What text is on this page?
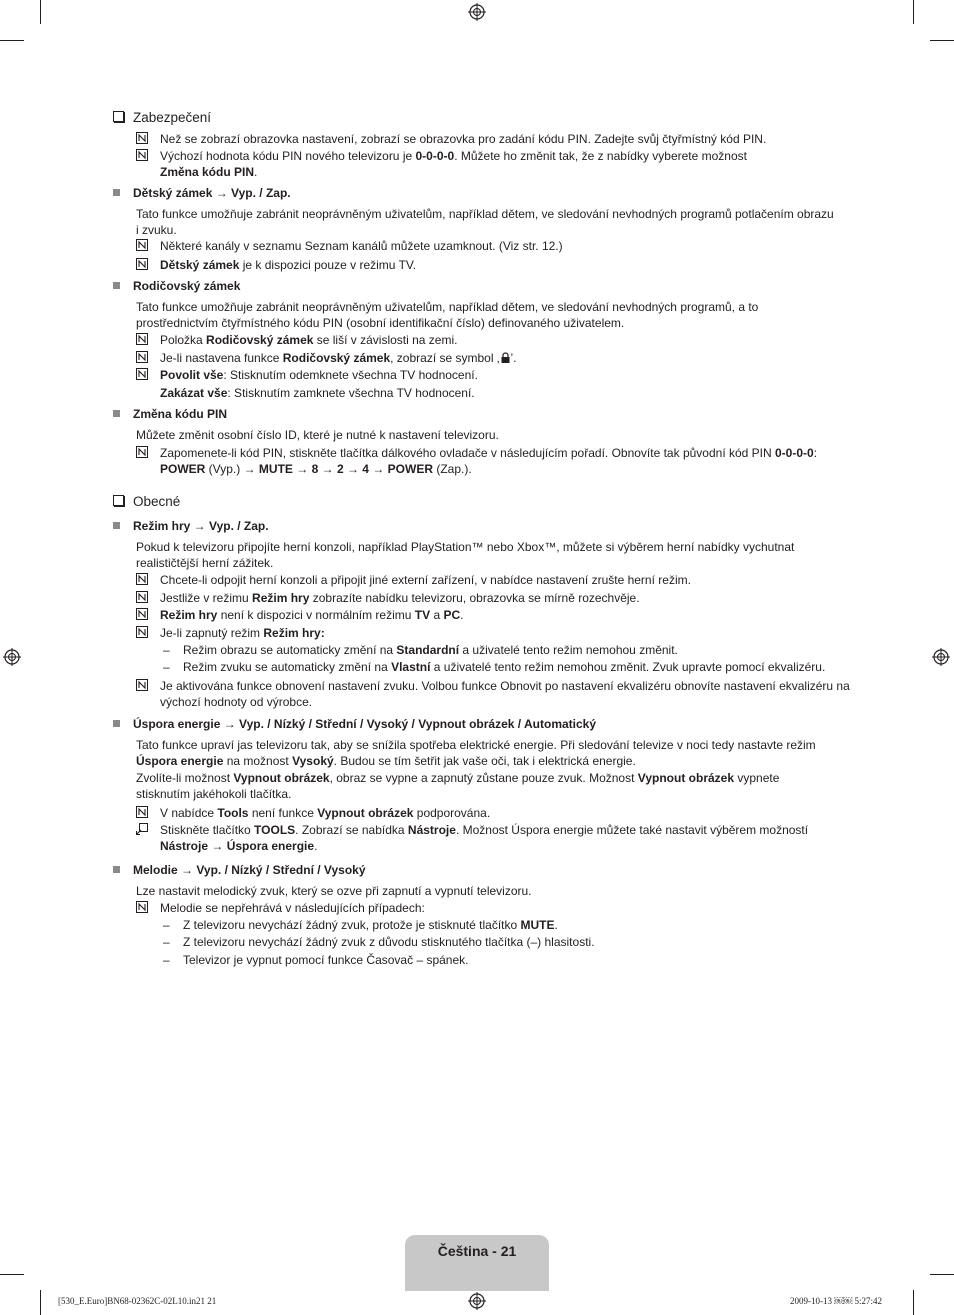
Zabezpečení
Než se zobrazí obrazovka nastavení, zobrazí se obrazovka pro zadání kódu PIN. Zadejte svůj čtyřmístný kód PIN.
Výchozí hodnota kódu PIN nového televizoru je 0-0-0-0. Můžete ho změnit tak, že z nabídky vyberete možnost
Změna kódu PIN.
Dětský zámek → Vyp. / Zap.
Tato funkce umožňuje zabránit neoprávněným uživatelům, například dětem, ve sledování nevhodných programů potlačením obrazu i zvuku.
Některé kanály v seznamu Seznam kanálů můžete uzamknout. (Viz str. 12.)
Dětský zámek je k dispozici pouze v režimu TV.
Rodičovský zámek
Tato funkce umožňuje zabránit neoprávněným uživatelům, například dětem, ve sledování nevhodných programů, a to prostřednictvím čtyřmístného kódu PIN (osobní identifikační číslo) definovaného uživatelem.
Položka Rodičovský zámek se liší v závislosti na zemi.
Je-li nastavena funkce Rodičovský zámek, zobrazí se symbol ‚ ’.
Povolit vše: Stisknutím odemknete všechna TV hodnocení.
Zakázat vše: Stisknutím zamknete všechna TV hodnocení.
Změna kódu PIN
Můžete změnit osobní číslo ID, které je nutné k nastavení televizoru.
Zapomenete-li kód PIN, stiskněte tlačítka dálkového ovladače v následujícím pořadí. Obnovíte tak původní kód PIN 0-0-0-0:
POWER (Vyp.) → MUTE → 8 → 2 → 4 → POWER (Zap.).
Obecné
Režim hry → Vyp. / Zap.
Pokud k televizoru připojíte herní konzoli, například PlayStation™ nebo Xbox™, můžete si výběrem herní nabídky vychutnat realističtější herní zážitek.
Chcete-li odpojit herní konzoli a připojit jiné externí zařízení, v nabídce nastavení zrušte herní režim.
Jestliže v režimu Režim hry zobrazíte nabídku televizoru, obrazovka se mírně rozechvěje.
Režim hry není k dispozici v normálním režimu TV a PC.
Je-li zapnutý režim Režim hry:
– Režim obrazu se automaticky změní na Standardní a uživatelé tento režim nemohou změnit.
– Režim zvuku se automaticky změní na Vlastní a uživatelé tento režim nemohou změnit. Zvuk upravte pomocí ekvalizéru.
Je aktivována funkce obnovení nastavení zvuku. Volbou funkce Obnovit po nastavení ekvalizéru obnovíte nastavení ekvalizéru na výchozí hodnoty od výrobce.
Úspora energie → Vyp. / Nízký / Střední / Vysoký / Vypnout obrázek / Automatický
Tato funkce upraví jas televizoru tak, aby se snížila spotřeba elektrické energie. Při sledování televize v noci tedy nastavte režim Úspora energie na možnost Vysoký. Budou se tím šetřit jak vaše oči, tak i elektrická energie.
Zvolíte-li možnost Vypnout obrázek, obraz se vypne a zapnutý zůstane pouze zvuk. Možnost Vypnout obrázek vypnete stisknutím jakéhokoli tlačítka.
V nabídce Tools není funkce Vypnout obrázek podporována.
Stiskněte tlačítko TOOLS. Zobrazí se nabídka Nástroje. Možnost Úspora energie můžete také nastavit výběrem možností
Nástroje → Úspora energie.
Melodie → Vyp. / Nízký / Střední / Vysoký
Lze nastavit melodický zvuk, který se ozve při zapnutí a vypnutí televizoru.
Melodie se nepřehrává v následujících případech:
– Z televizoru nevychází žádný zvuk, protože je stisknuté tlačítko MUTE.
– Z televizoru nevychází žádný zvuk z důvodu stisknutého tlačítka (–) hlasitosti.
– Televizor je vypnut pomocí funkce Časovač – spánek.
Čeština - 21
[530_E.Euro]BN68-02362C-02L10.in21 21	2009-10-13 ￼￼ 5:27:42
